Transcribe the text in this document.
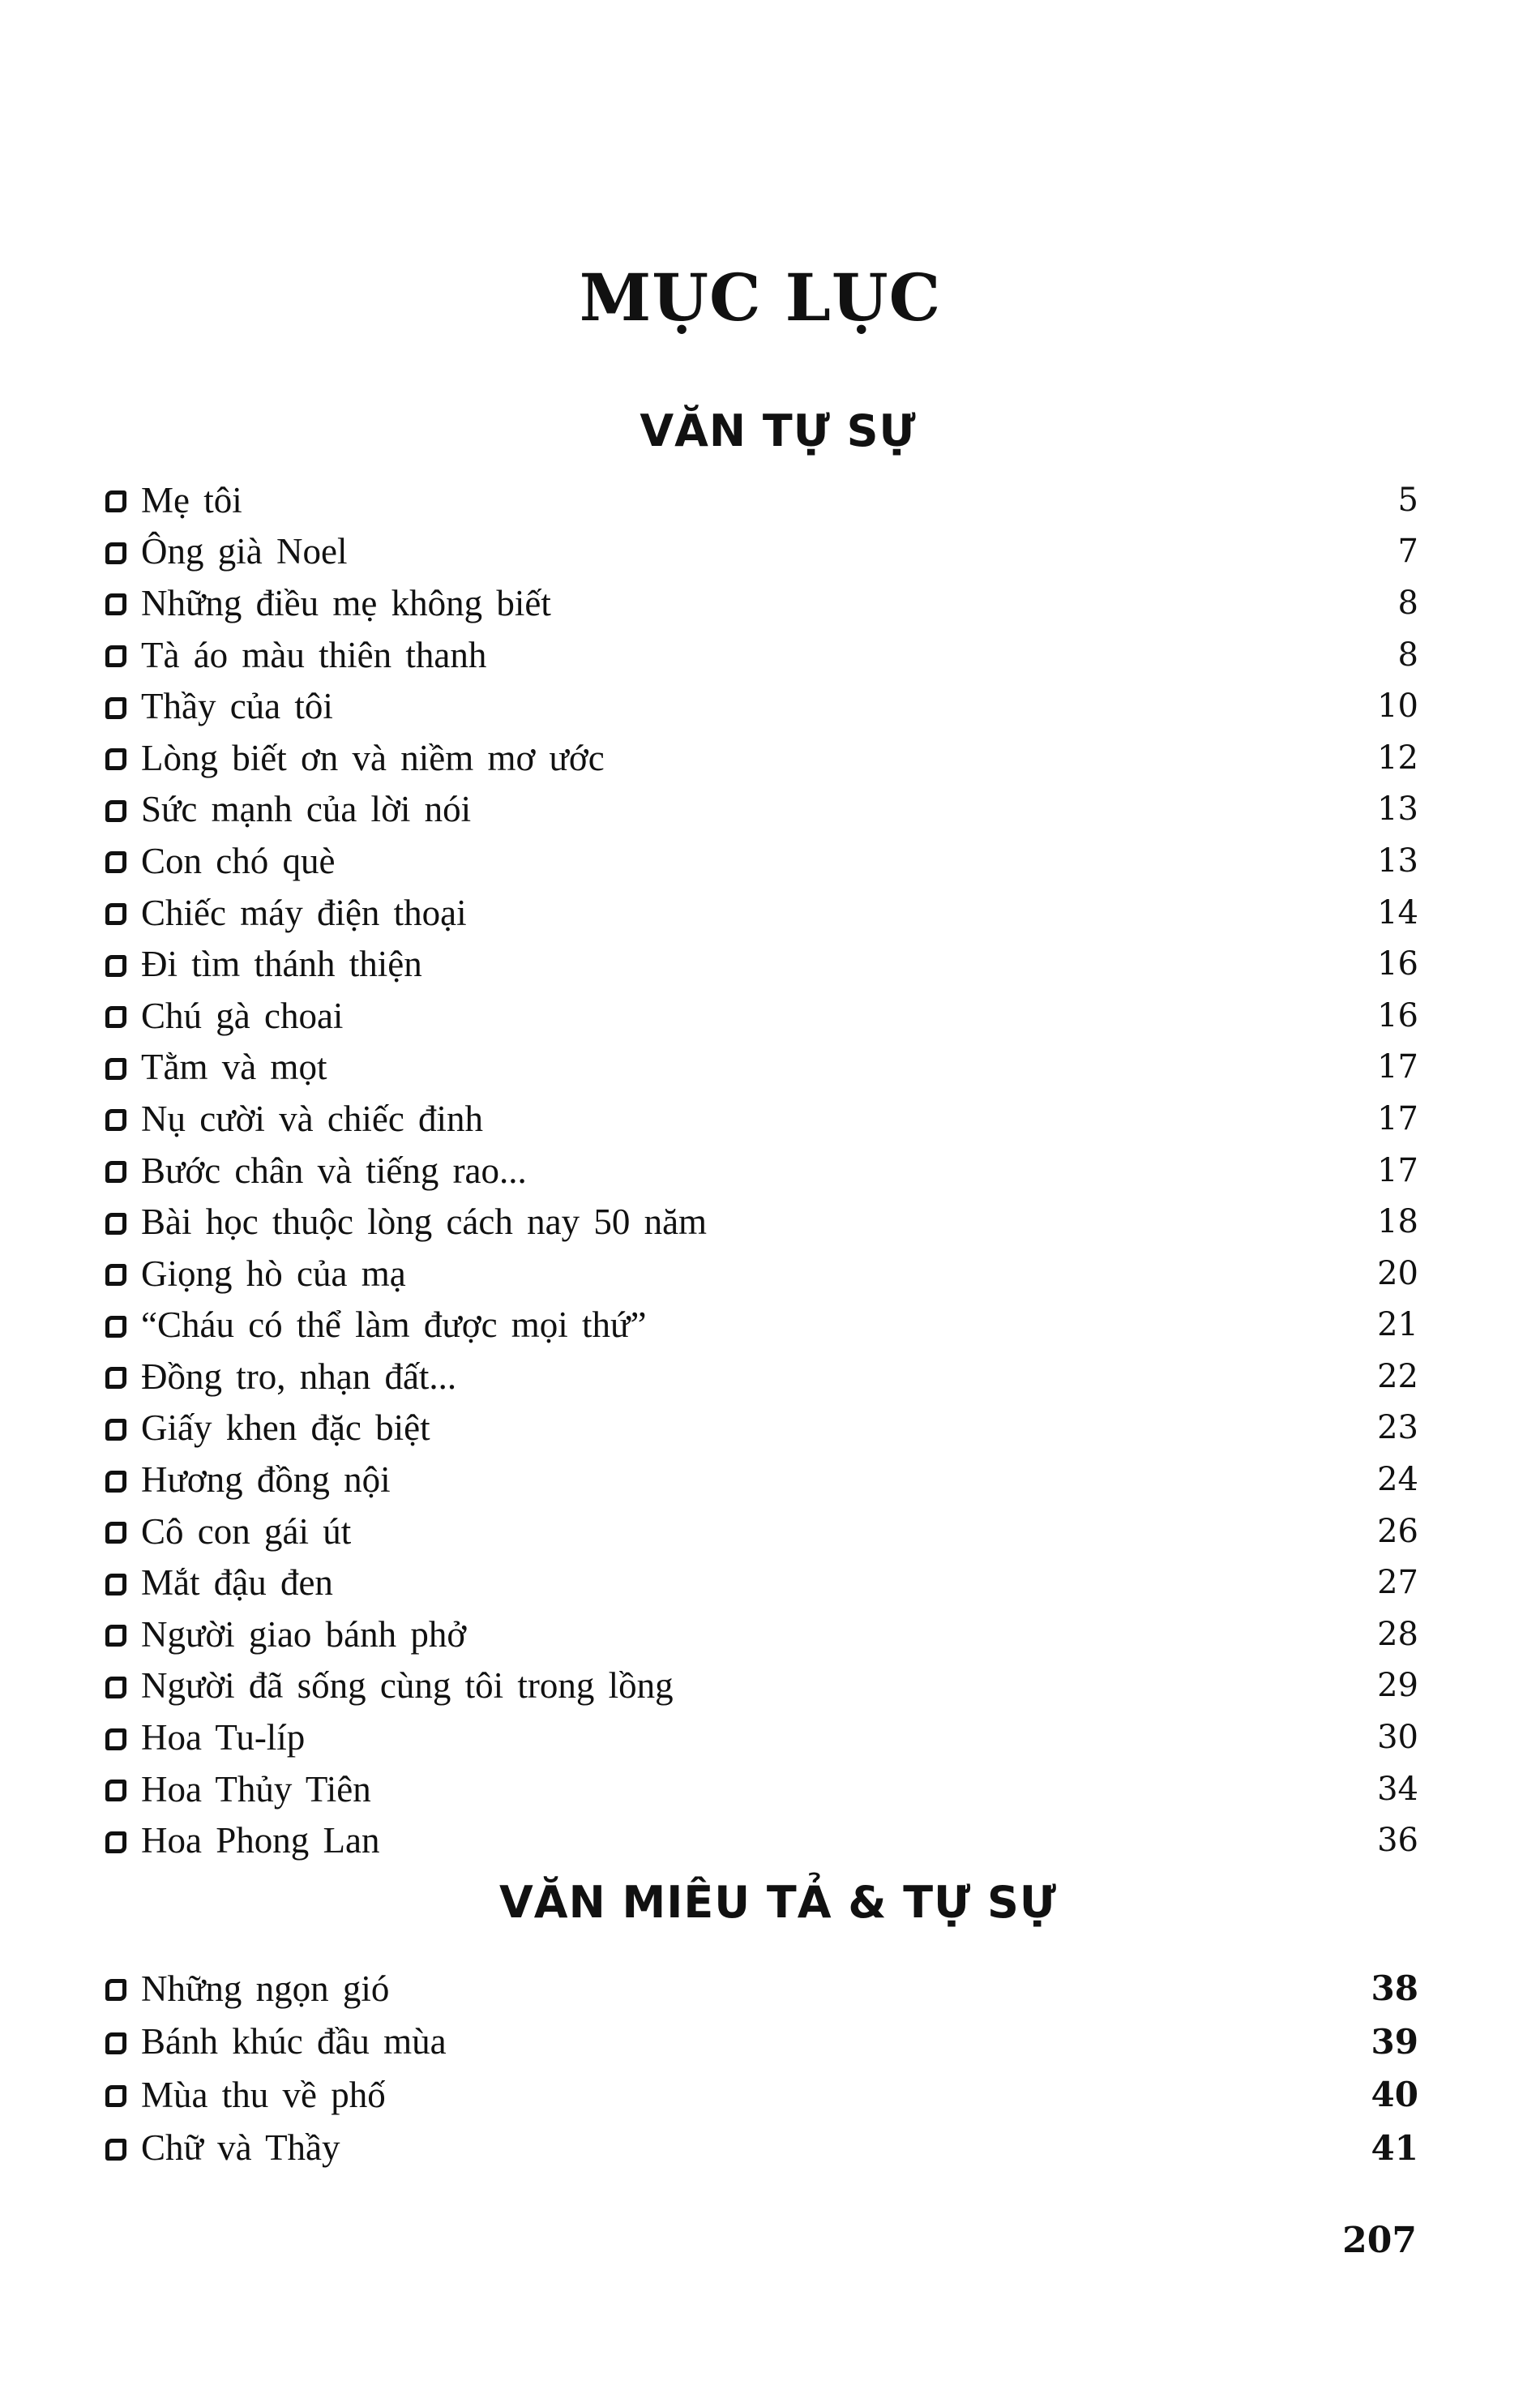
MỤC LỤC
VĂN TỰ SỰ
Mẹ tôi	5
Ông già Noel	7
Những điều mẹ không biết	8
Tà áo màu thiên thanh	8
Thầy của tôi	10
Lòng biết ơn và niềm mơ ước	12
Sức mạnh của lời nói	13
Con chó què	13
Chiếc máy điện thoại	14
Đi tìm thánh thiện	16
Chú gà choai	16
Tằm và mọt	17
Nụ cười và chiếc đinh	17
Bước chân và tiếng rao...	17
Bài học thuộc lòng cách nay 50 năm	18
Giọng hò của mạ	20
“Cháu có thể làm được mọi thứ”	21
Đồng tro, nhạn đất...	22
Giấy khen đặc biệt	23
Hương đồng nội	24
Cô con gái út	26
Mắt đậu đen	27
Người giao bánh phở	28
Người đã sống cùng tôi trong lồng	29
Hoa Tu-líp	30
Hoa Thủy Tiên	34
Hoa Phong Lan	36
VĂN MIÊU TẢ & TỰ SỰ
Những ngọn gió	38
Bánh khúc đầu mùa	39
Mùa thu về phố	40
Chữ và Thầy	41
207
